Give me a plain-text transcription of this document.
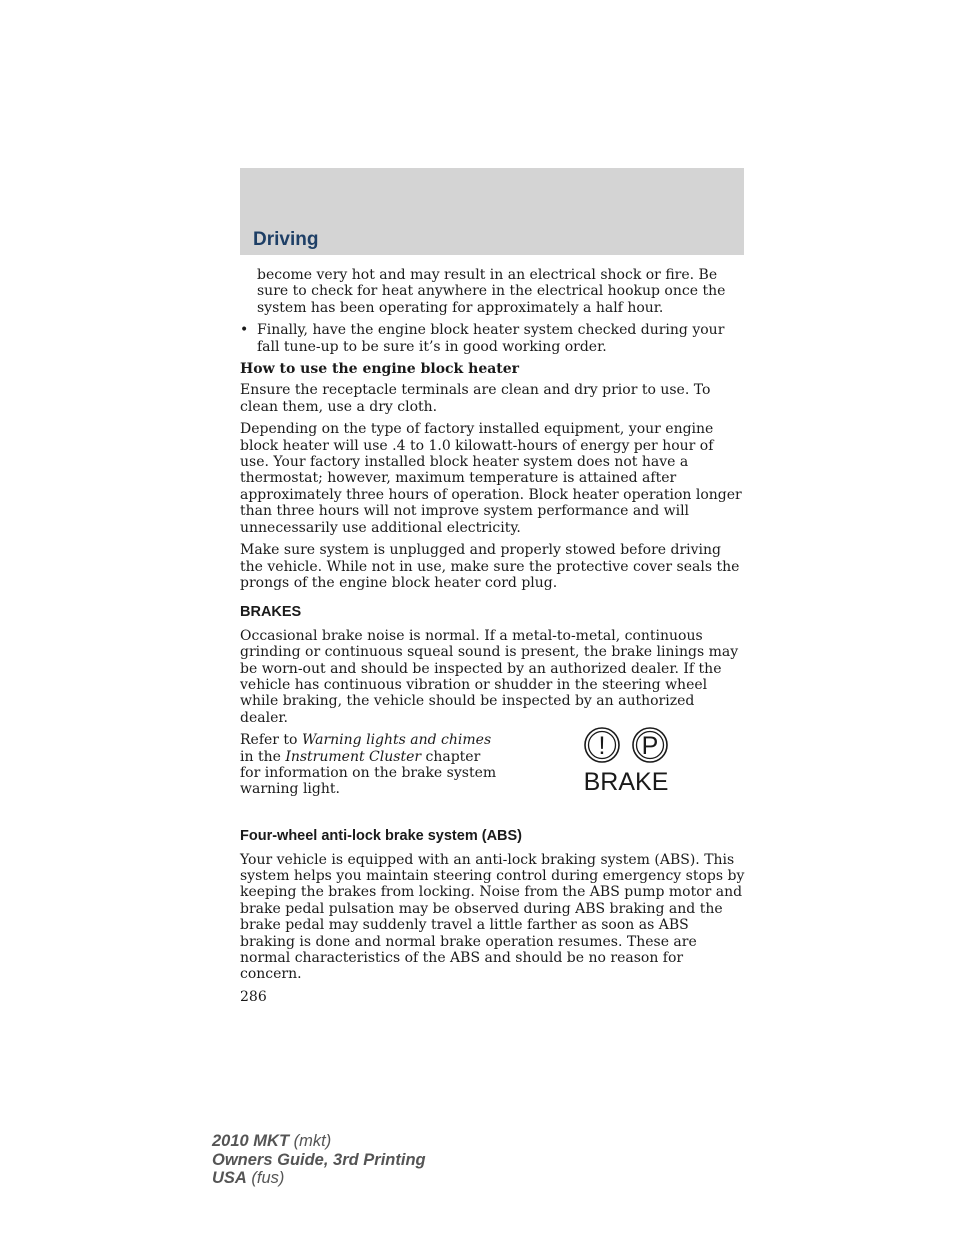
Driving

become very hot and may result in an electrical shock or fire. Be sure to check for heat anywhere in the electrical hookup once the system has been operating for approximately a half hour.

• Finally, have the engine block heater system checked during your fall tune-up to be sure it’s in good working order.

How to use the engine block heater

Ensure the receptacle terminals are clean and dry prior to use. To clean them, use a dry cloth.

Depending on the type of factory installed equipment, your engine block heater will use .4 to 1.0 kilowatt-hours of energy per hour of use. Your factory installed block heater system does not have a thermostat; however, maximum temperature is attained after approximately three hours of operation. Block heater operation longer than three hours will not improve system performance and will unnecessarily use additional electricity.

Make sure system is unplugged and properly stowed before driving the vehicle. While not in use, make sure the protective cover seals the prongs of the engine block heater cord plug.

BRAKES

Occasional brake noise is normal. If a metal-to-metal, continuous grinding or continuous squeal sound is present, the brake linings may be worn-out and should be inspected by an authorized dealer. If the vehicle has continuous vibration or shudder in the steering wheel while braking, the vehicle should be inspected by an authorized dealer.

Refer to Warning lights and chimes in the Instrument Cluster chapter for information on the brake system warning light.
! P
BRAKE
Four-wheel anti-lock brake system (ABS)

Your vehicle is equipped with an anti-lock braking system (ABS). This system helps you maintain steering control during emergency stops by keeping the brakes from locking. Noise from the ABS pump motor and brake pedal pulsation may be observed during ABS braking and the brake pedal may suddenly travel a little farther as soon as ABS braking is done and normal brake operation resumes. These are normal characteristics of the ABS and should be no reason for concern.

286
2010 MKT (mkt)
Owners Guide, 3rd Printing
USA (fus)
